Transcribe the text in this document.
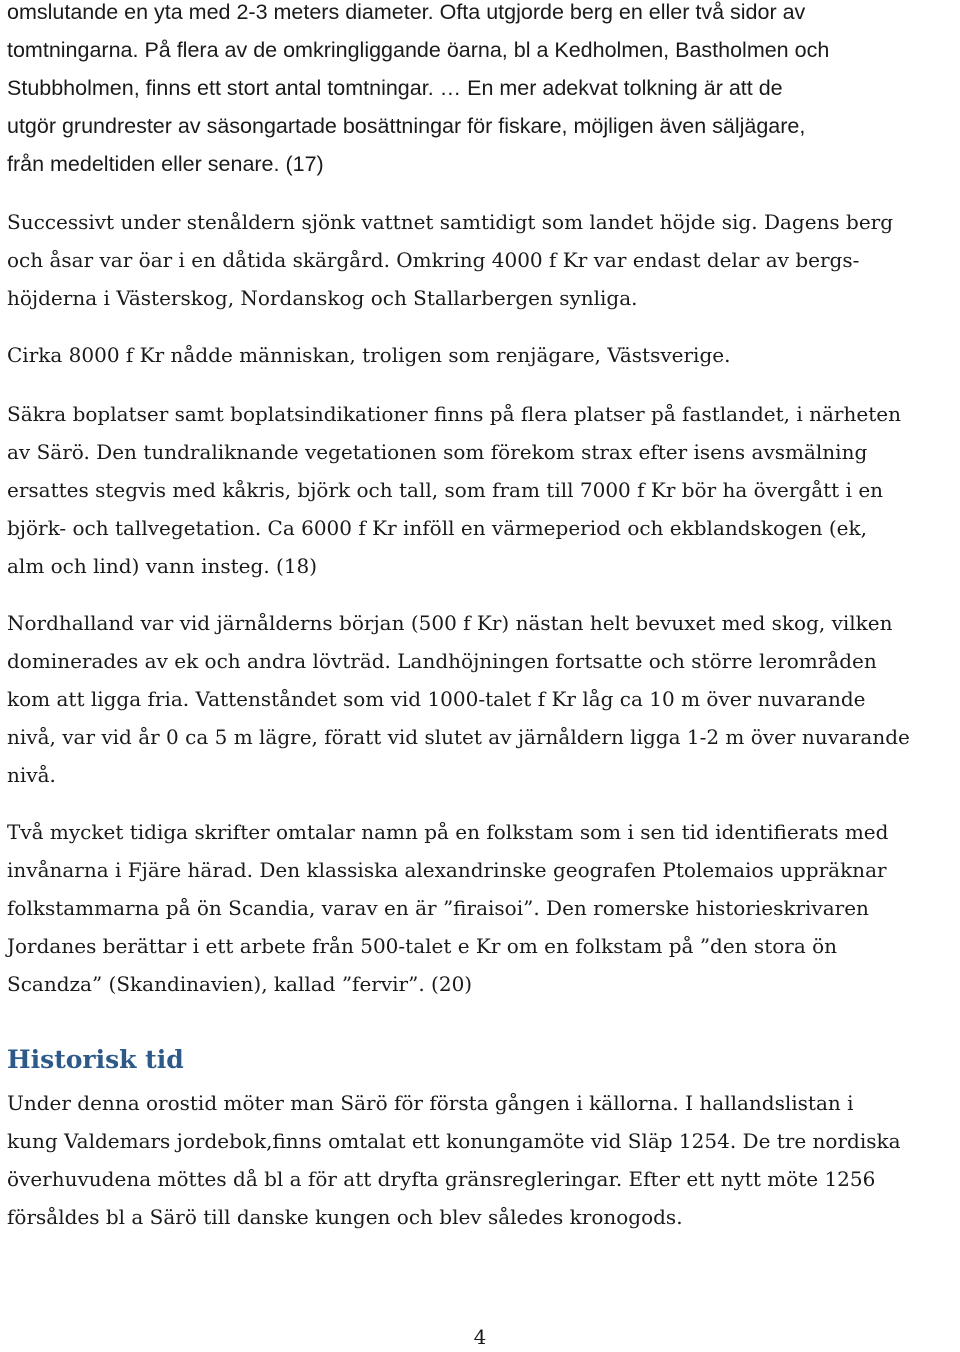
omslutande en yta med 2-3 meters diameter. Ofta utgjorde berg en eller två sidor av
tomtningarna. På flera av de omkringliggande öarna, bl a Kedholmen, Bastholmen och
Stubbholmen, finns ett stort antal tomtningar. … En mer adekvat tolkning är att de
utgör grundrester av säsongartade bosättningar för fiskare, möjligen även säljägare,
från medeltiden eller senare. (17)
Successivt under stenåldern sjönk vattnet samtidigt som landet höjde sig. Dagens berg
och åsar var öar i en dåtida skärgård. Omkring 4000 f Kr var endast delar av bergs-
höjderna i Västerskog, Nordanskog och Stallarbergen synliga.
Cirka 8000 f Kr nådde människan, troligen som renjägare, Västsverige.
Säkra boplatser samt boplatsindikationer finns på flera platser på fastlandet, i närheten
av Särö. Den tundraliknande vegetationen som förekom strax efter isens avsmälning
ersattes stegvis med kåkris, björk och tall, som fram till 7000 f Kr bör ha övergått i en
björk- och tallvegetation. Ca 6000 f Kr inföll en värmeperiod och ekblandskogen (ek,
alm och lind) vann insteg. (18)
Nordhalland var vid järnålderns början (500 f Kr) nästan helt bevuxet med skog, vilken
dominerades av ek och andra lövträd. Landhöjningen fortsatte och större lerområden
kom att ligga fria. Vattenståndet som vid 1000-talet f Kr låg ca 10 m över nuvarande
nivå, var vid år 0 ca 5 m lägre, föratt vid slutet av järnåldern ligga 1-2 m över nuvarande
nivå.
Två mycket tidiga skrifter omtalar namn på en folkstam som i sen tid identifierats med
invånarna i Fjäre härad. Den klassiska alexandrinske geografen Ptolemaios uppräknar
folkstammarna på ön Scandia, varav en är ”firaisoi”. Den romerske historieskrivaren
Jordanes berättar i ett arbete från 500-talet e Kr om en folkstam på ”den stora ön
Scandza” (Skandinavien), kallad ”fervir”. (20)
Historisk tid
Under denna orostid möter man Särö för första gången i källorna. I hallandslistan i
kung Valdemars jordebok,finns omtalat ett konungamöte vid Släp 1254. De tre nordiska
överhuvudena möttes då bl a för att dryfta gränsregleringar. Efter ett nytt möte 1256
försåldes bl a Särö till danske kungen och blev således kronogods.
4
